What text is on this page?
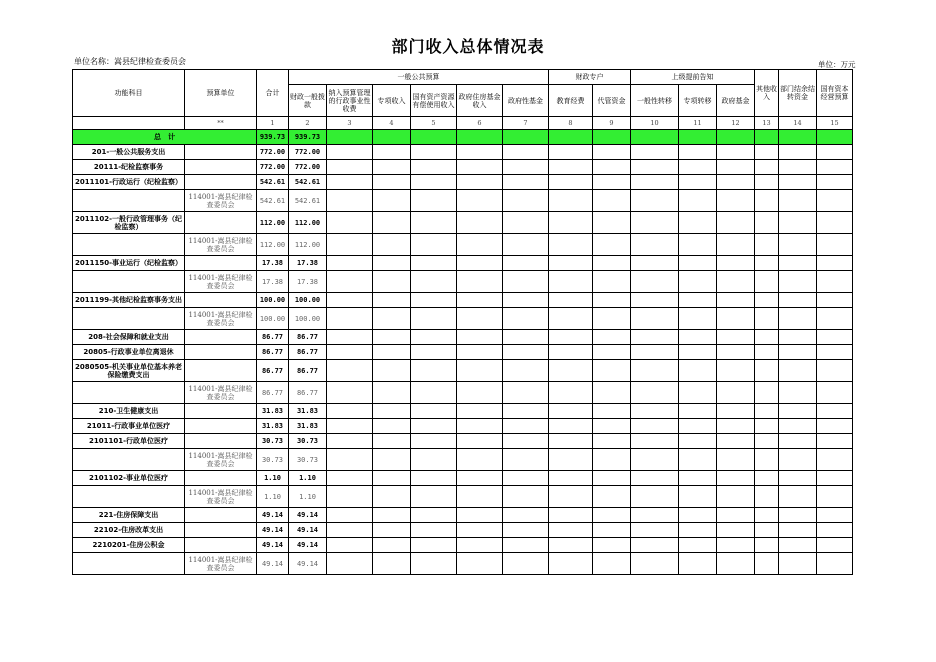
部门收入总体情况表
单位名称：嵩县纪律检查委员会	单位：万元
功能科目	预算单位	合计	一般公共预算						财政专户		上级提前告知			其他收入	部门结余结转资金	国有资本经营预算
			财政一般拨款	纳入预算管理的行政事业性收费	专项收入	国有资产资源有偿使用收入	政府住房基金收入	政府性基金	教育经费	代管资金	一般性转移	专项转移	政府基金			
	**	1	2	3	4	5	6	7	8	9	10	11	12	13	14	15
总　计		939.73	939.73													
201-一般公共服务支出		772.00	772.00													
20111-纪检监察事务		772.00	772.00													
2011101-行政运行（纪检监察）		542.61	542.61													
	114001-嵩县纪律检查委员会	542.61	542.61													
2011102-一般行政管理事务（纪检监察）		112.00	112.00													
	114001-嵩县纪律检查委员会	112.00	112.00													
2011150-事业运行（纪检监察）		17.38	17.38													
	114001-嵩县纪律检查委员会	17.38	17.38													
2011199-其他纪检监察事务支出		100.00	100.00													
	114001-嵩县纪律检查委员会	100.00	100.00													
208-社会保障和就业支出		86.77	86.77													
20805-行政事业单位离退休		86.77	86.77													
2080505-机关事业单位基本养老保险缴费支出		86.77	86.77													
	114001-嵩县纪律检查委员会	86.77	86.77													
210-卫生健康支出		31.83	31.83													
21011-行政事业单位医疗		31.83	31.83													
2101101-行政单位医疗		30.73	30.73													
	114001-嵩县纪律检查委员会	30.73	30.73													
2101102-事业单位医疗		1.10	1.10													
	114001-嵩县纪律检查委员会	1.10	1.10													
221-住房保障支出		49.14	49.14													
22102-住房改革支出		49.14	49.14													
2210201-住房公积金		49.14	49.14													
	114001-嵩县纪律检查委员会	49.14	49.14													
